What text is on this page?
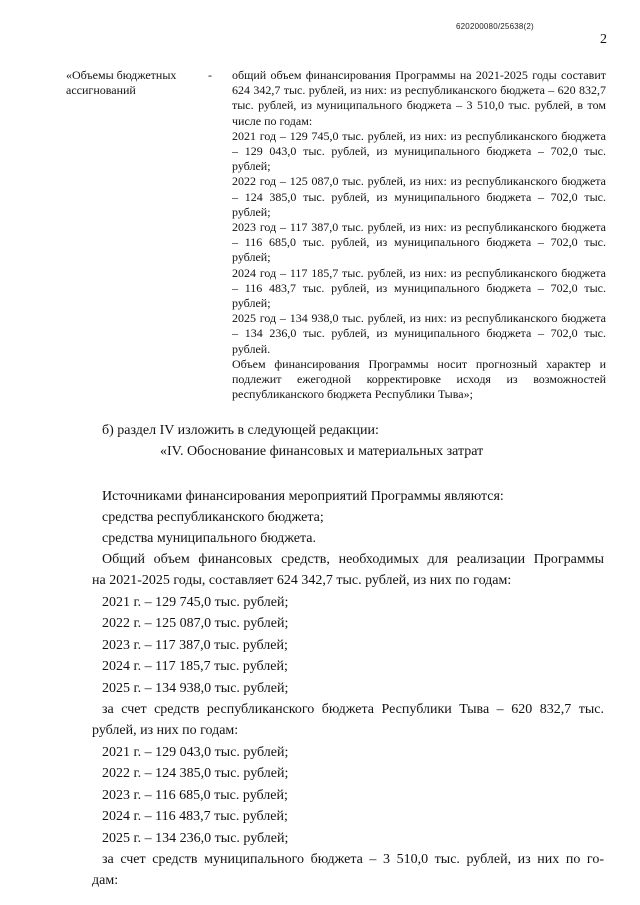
620200080/25638(2)
2
«Объемы бюджетных
ассигнований
- общий объем финансирования Программы на 2021-2025 годы составит 624 342,7 тыс. рублей, из них: из республиканского бюджета – 620 832,7 тыс. рублей, из муниципального бюджета – 3 510,0 тыс. рублей, в том числе по годам:

2021 год – 129 745,0 тыс. рублей, из них: из республиканского бюджета – 129 043,0 тыс. рублей, из муниципального бюджета – 702,0 тыс. рублей;

2022 год – 125 087,0 тыс. рублей, из них: из республиканского бюджета – 124 385,0 тыс. рублей, из муниципального бюджета – 702,0 тыс. рублей;

2023 год – 117 387,0 тыс. рублей, из них: из республиканского бюджета – 116 685,0 тыс. рублей, из муниципального бюджета – 702,0 тыс. рублей;

2024 год – 117 185,7 тыс. рублей, из них: из республиканского бюджета – 116 483,7 тыс. рублей, из муниципального бюджета – 702,0 тыс. рублей;

2025 год – 134 938,0 тыс. рублей, из них: из республиканского бюджета – 134 236,0 тыс. рублей, из муниципального бюджета – 702,0 тыс. рублей.

Объем финансирования Программы носит прогнозный характер и подлежит ежегодной корректировке исходя из возможностей республиканского бюджета Республики Тыва»;

б) раздел IV изложить в следующей редакции:
«IV. Обоснование финансовых и материальных затрат
Источниками финансирования мероприятий Программы являются:
средства республиканского бюджета;
средства муниципального бюджета.
Общий объем финансовых средств, необходимых для реализации Программы
на 2021-2025 годы, составляет 624 342,7 тыс. рублей, из них по годам:
2021 г. – 129 745,0 тыс. рублей;
2022 г. – 125 087,0 тыс. рублей;
2023 г. – 117 387,0 тыс. рублей;
2024 г. – 117 185,7 тыс. рублей;
2025 г. – 134 938,0 тыс. рублей;
за счет средств республиканского бюджета Республики Тыва – 620 832,7 тыс.
рублей, из них по годам:
2021 г. – 129 043,0 тыс. рублей;
2022 г. – 124 385,0 тыс. рублей;
2023 г. – 116 685,0 тыс. рублей;
2024 г. – 116 483,7 тыс. рублей;
2025 г. – 134 236,0 тыс. рублей;
за счет средств муниципального бюджета – 3 510,0 тыс. рублей, из них по го-
дам:
